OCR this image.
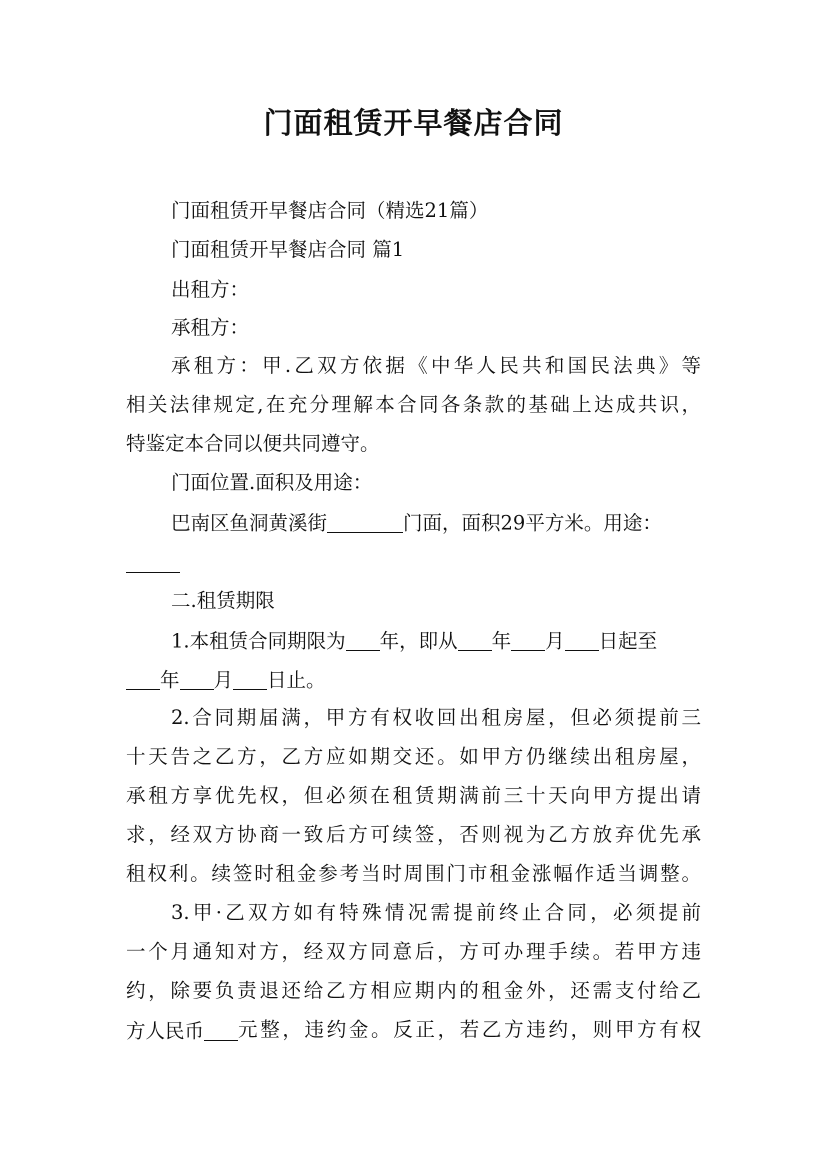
门面租赁开早餐店合同
门面租赁开早餐店合同（精选21篇）
门面租赁开早餐店合同 篇1
出租方：
承租方：
承租方：甲.乙双方依据《中华人民共和国民法典》等
相关法律规定,在充分理解本合同各条款的基础上达成共识，
特鉴定本合同以便共同遵守。
门面位置.面积及用途：
巴南区鱼洞黄溪街	门面，面积29平方米。用途：
二.租赁期限
1.本租赁合同期限为 年，即从 年 月 日起至
年 月 日止。
2.合同期届满，甲方有权收回出租房屋，但必须提前三
十天告之乙方，乙方应如期交还。如甲方仍继续出租房屋，
承租方享优先权，但必须在租赁期满前三十天向甲方提出请
求，经双方协商一致后方可续签，否则视为乙方放弃优先承
租权利。续签时租金参考当时周围门市租金涨幅作适当调整。
3.甲·乙双方如有特殊情况需提前终止合同，必须提前
一个月通知对方，经双方同意后，方可办理手续。若甲方违
约，除要负责退还给乙方相应期内的租金外，还需支付给乙
方人民币	元整，违约金。反正，若乙方违约，则甲方有权
